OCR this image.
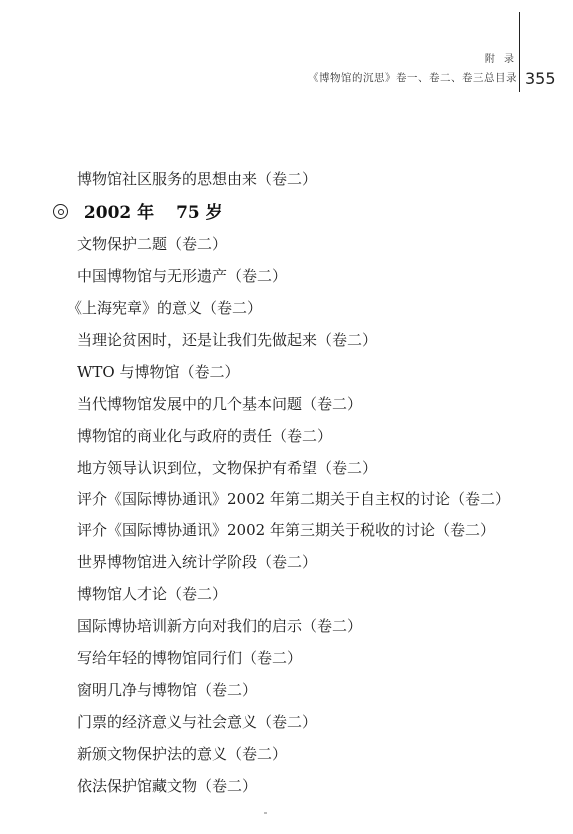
附 录
《博物馆的沉思》卷一、卷二、卷三总目录 355
博物馆社区服务的思想由来（卷二）
2002 年 75 岁
文物保护二题（卷二）
中国博物馆与无形遗产（卷二）
《上海宪章》的意义（卷二）
当理论贫困时，还是让我们先做起来（卷二）
WTO 与博物馆（卷二）
当代博物馆发展中的几个基本问题（卷二）
博物馆的商业化与政府的责任（卷二）
地方领导认识到位，文物保护有希望（卷二）
评介《国际博协通讯》2002 年第二期关于自主权的讨论（卷二）
评介《国际博协通讯》2002 年第三期关于税收的讨论（卷二）
世界博物馆进入统计学阶段（卷二）
博物馆人才论（卷二）
国际博协培训新方向对我们的启示（卷二）
写给年轻的博物馆同行们（卷二）
窗明几净与博物馆（卷二）
门票的经济意义与社会意义（卷二）
新颁文物保护法的意义（卷二）
依法保护馆藏文物（卷二）
